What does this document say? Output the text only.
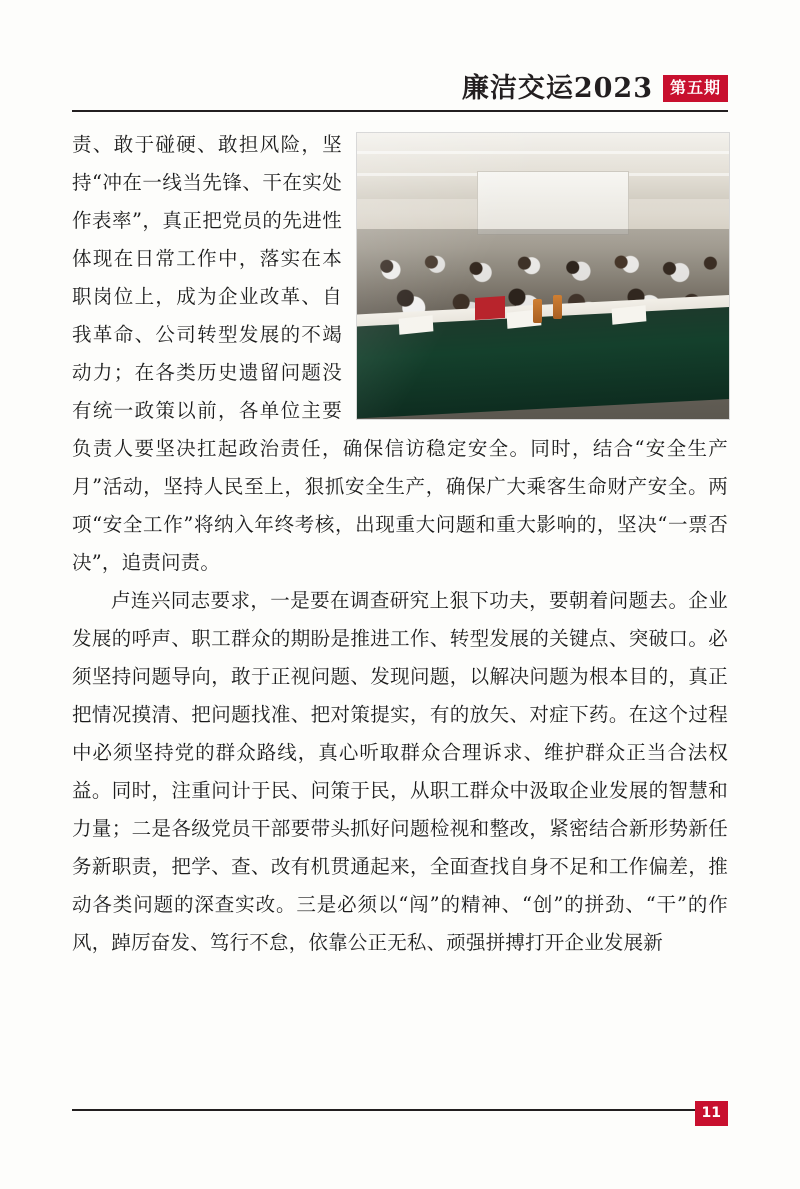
廉洁交运2023	第五期

责、敢于碰硬、敢担风险，坚持“冲在一线当先锋、干在实处作表率”，真正把党员的先进性体现在日常工作中，落实在本职岗位上，成为企业改革、自我革命、公司转型发展的不竭动力；在各类历史遗留问题没有统一政策以前，各单位主要负责人要坚决扛起政治责任，确保信访稳定安全。同时，结合“安全生产月”活动，坚持人民至上，狠抓安全生产，确保广大乘客生命财产安全。两项“安全工作”将纳入年终考核，出现重大问题和重大影响的，坚决“一票否决”，追责问责。

卢连兴同志要求，一是要在调查研究上狠下功夫，要朝着问题去。企业发展的呼声、职工群众的期盼是推进工作、转型发展的关键点、突破口。必须坚持问题导向，敢于正视问题、发现问题，以解决问题为根本目的，真正把情况摸清、把问题找准、把对策提实，有的放矢、对症下药。在这个过程中必须坚持党的群众路线，真心听取群众合理诉求、维护群众正当合法权益。同时，注重问计于民、问策于民，从职工群众中汲取企业发展的智慧和力量；二是各级党员干部要带头抓好问题检视和整改，紧密结合新形势新任务新职责，把学、查、改有机贯通起来，全面查找自身不足和工作偏差，推动各类问题的深查实改。三是必须以“闯”的精神、“创”的拼劲、“干”的作风，踔厉奋发、笃行不怠，依靠公正无私、顽强拼搏打开企业发展新

11
